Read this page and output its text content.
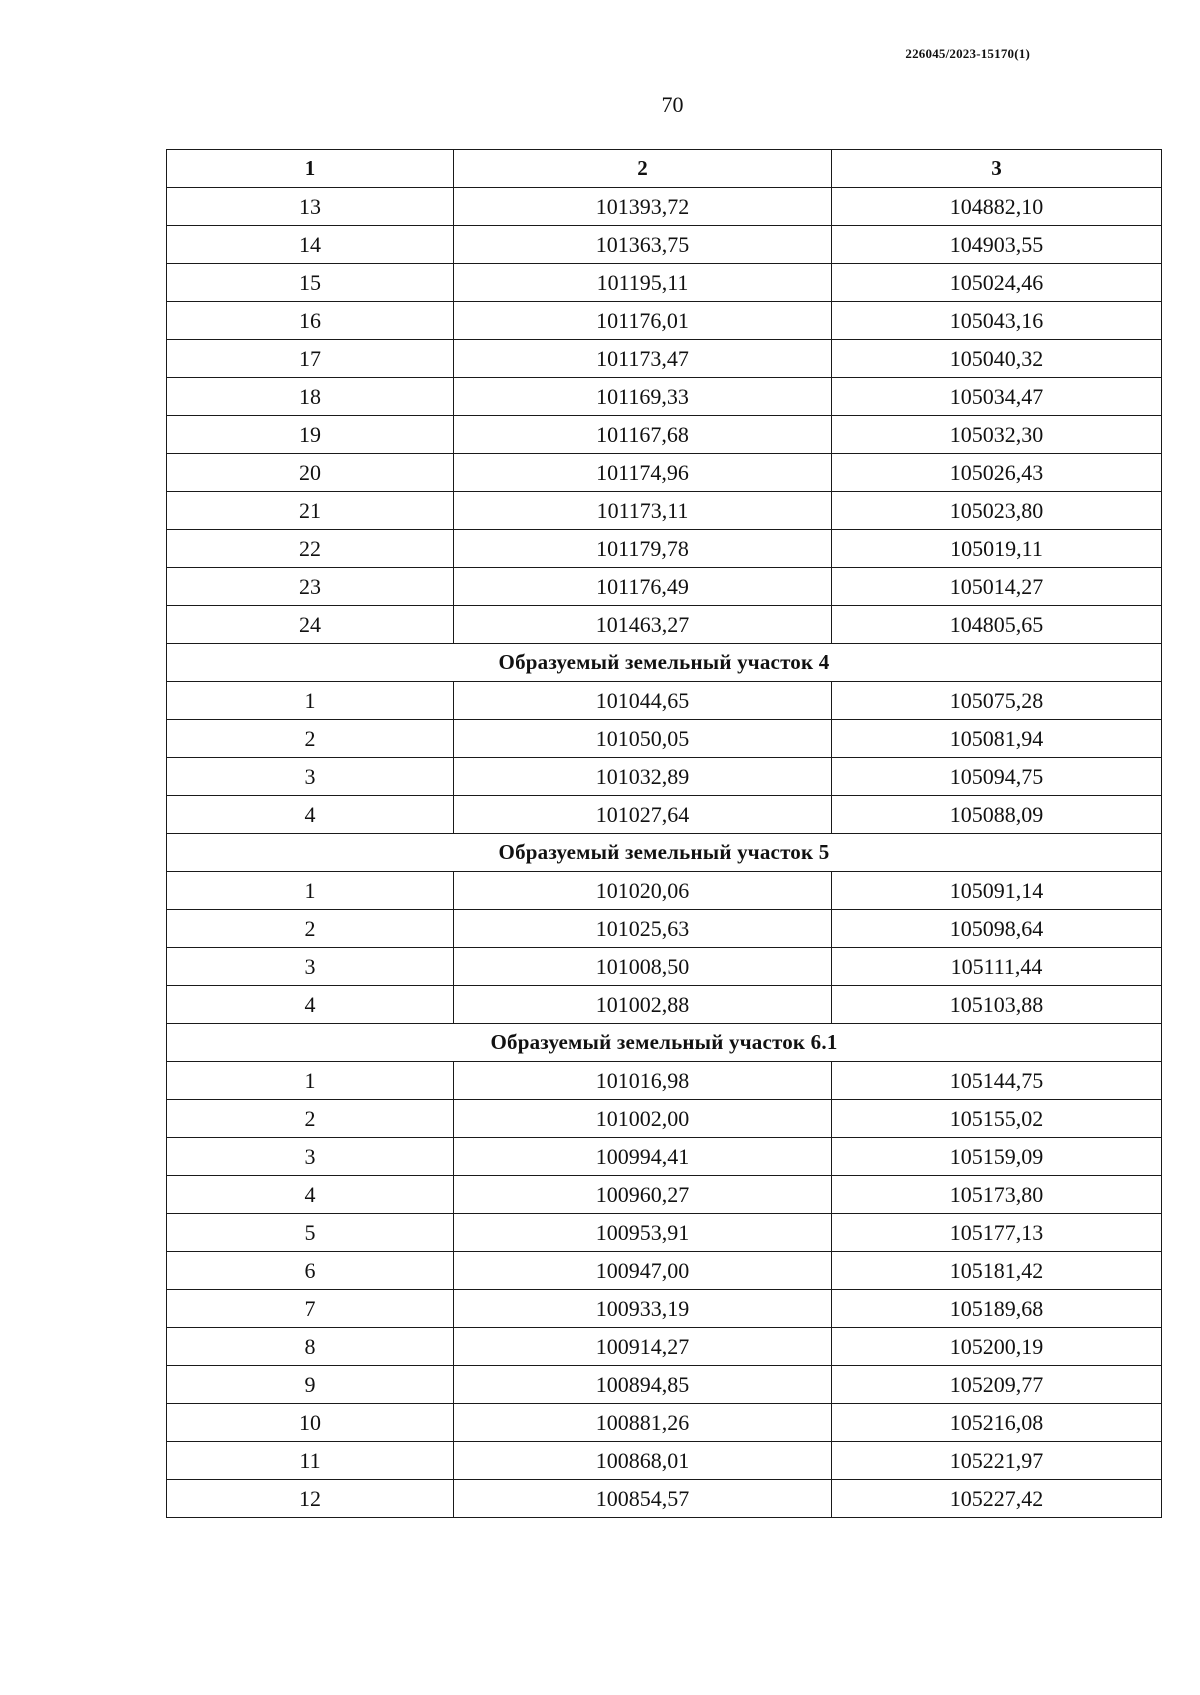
226045/2023-15170(1)
70
1	2	3
13	101393,72	104882,10
14	101363,75	104903,55
15	101195,11	105024,46
16	101176,01	105043,16
17	101173,47	105040,32
18	101169,33	105034,47
19	101167,68	105032,30
20	101174,96	105026,43
21	101173,11	105023,80
22	101179,78	105019,11
23	101176,49	105014,27
24	101463,27	104805,65
Образуемый земельный участок 4		
1	101044,65	105075,28
2	101050,05	105081,94
3	101032,89	105094,75
4	101027,64	105088,09
Образуемый земельный участок 5		
1	101020,06	105091,14
2	101025,63	105098,64
3	101008,50	105111,44
4	101002,88	105103,88
Образуемый земельный участок 6.1		
1	101016,98	105144,75
2	101002,00	105155,02
3	100994,41	105159,09
4	100960,27	105173,80
5	100953,91	105177,13
6	100947,00	105181,42
7	100933,19	105189,68
8	100914,27	105200,19
9	100894,85	105209,77
10	100881,26	105216,08
11	100868,01	105221,97
12	100854,57	105227,42
